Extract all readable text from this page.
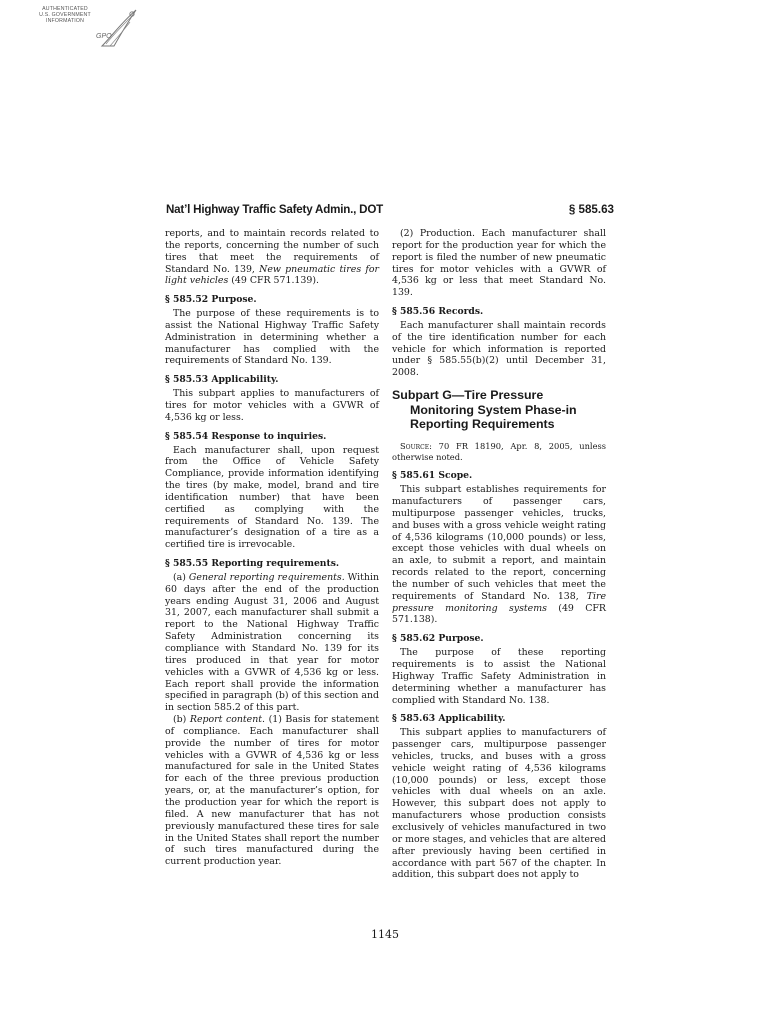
AUTHENTICATED
U.S. GOVERNMENT
INFORMATION
GPO
Nat’l Highway Traffic Safety Admin., DOT	§ 585.63

reports, and to maintain records related to the reports, concerning the number of such tires that meet the requirements of Standard No. 139, New pneumatic tires for light vehicles (49 CFR 571.139).

§ 585.52 Purpose.

The purpose of these requirements is to assist the National Highway Traffic Safety Administration in determining whether a manufacturer has complied with the requirements of Standard No. 139.

§ 585.53 Applicability.

This subpart applies to manufacturers of tires for motor vehicles with a GVWR of 4,536 kg or less.

§ 585.54 Response to inquiries.

Each manufacturer shall, upon request from the Office of Vehicle Safety Compliance, provide information identifying the tires (by make, model, brand and tire identification number) that have been certified as complying with the requirements of Standard No. 139. The manufacturer’s designation of a tire as a certified tire is irrevocable.

§ 585.55 Reporting requirements.

(a) General reporting requirements. Within 60 days after the end of the production years ending August 31, 2006 and August 31, 2007, each manufacturer shall submit a report to the National Highway Traffic Safety Administration concerning its compliance with Standard No. 139 for its tires produced in that year for motor vehicles with a GVWR of 4,536 kg or less. Each report shall provide the information specified in paragraph (b) of this section and in section 585.2 of this part.

(b) Report content. (1) Basis for statement of compliance. Each manufacturer shall provide the number of tires for motor vehicles with a GVWR of 4,536 kg or less manufactured for sale in the United States for each of the three previous production years, or, at the manufacturer’s option, for the production year for which the report is filed. A new manufacturer that has not previously manufactured these tires for sale in the United States shall report the number of such tires manufactured during the current production year.

(2) Production. Each manufacturer shall report for the production year for which the report is filed the number of new pneumatic tires for motor vehicles with a GVWR of 4,536 kg or less that meet Standard No. 139.

§ 585.56 Records.

Each manufacturer shall maintain records of the tire identification number for each vehicle for which information is reported under § 585.55(b)(2) until December 31, 2008.

Subpart G—Tire Pressure Monitoring System Phase-in Reporting Requirements

Source: 70 FR 18190, Apr. 8, 2005, unless otherwise noted.

§ 585.61 Scope.

This subpart establishes requirements for manufacturers of passenger cars, multipurpose passenger vehicles, trucks, and buses with a gross vehicle weight rating of 4,536 kilograms (10,000 pounds) or less, except those vehicles with dual wheels on an axle, to submit a report, and maintain records related to the report, concerning the number of such vehicles that meet the requirements of Standard No. 138, Tire pressure monitoring systems (49 CFR 571.138).

§ 585.62 Purpose.

The purpose of these reporting requirements is to assist the National Highway Traffic Safety Administration in determining whether a manufacturer has complied with Standard No. 138.

§ 585.63 Applicability.

This subpart applies to manufacturers of passenger cars, multipurpose passenger vehicles, trucks, and buses with a gross vehicle weight rating of 4,536 kilograms (10,000 pounds) or less, except those vehicles with dual wheels on an axle. However, this subpart does not apply to manufacturers whose production consists exclusively of vehicles manufactured in two or more stages, and vehicles that are altered after previously having been certified in accordance with part 567 of the chapter. In addition, this subpart does not apply to

1145
